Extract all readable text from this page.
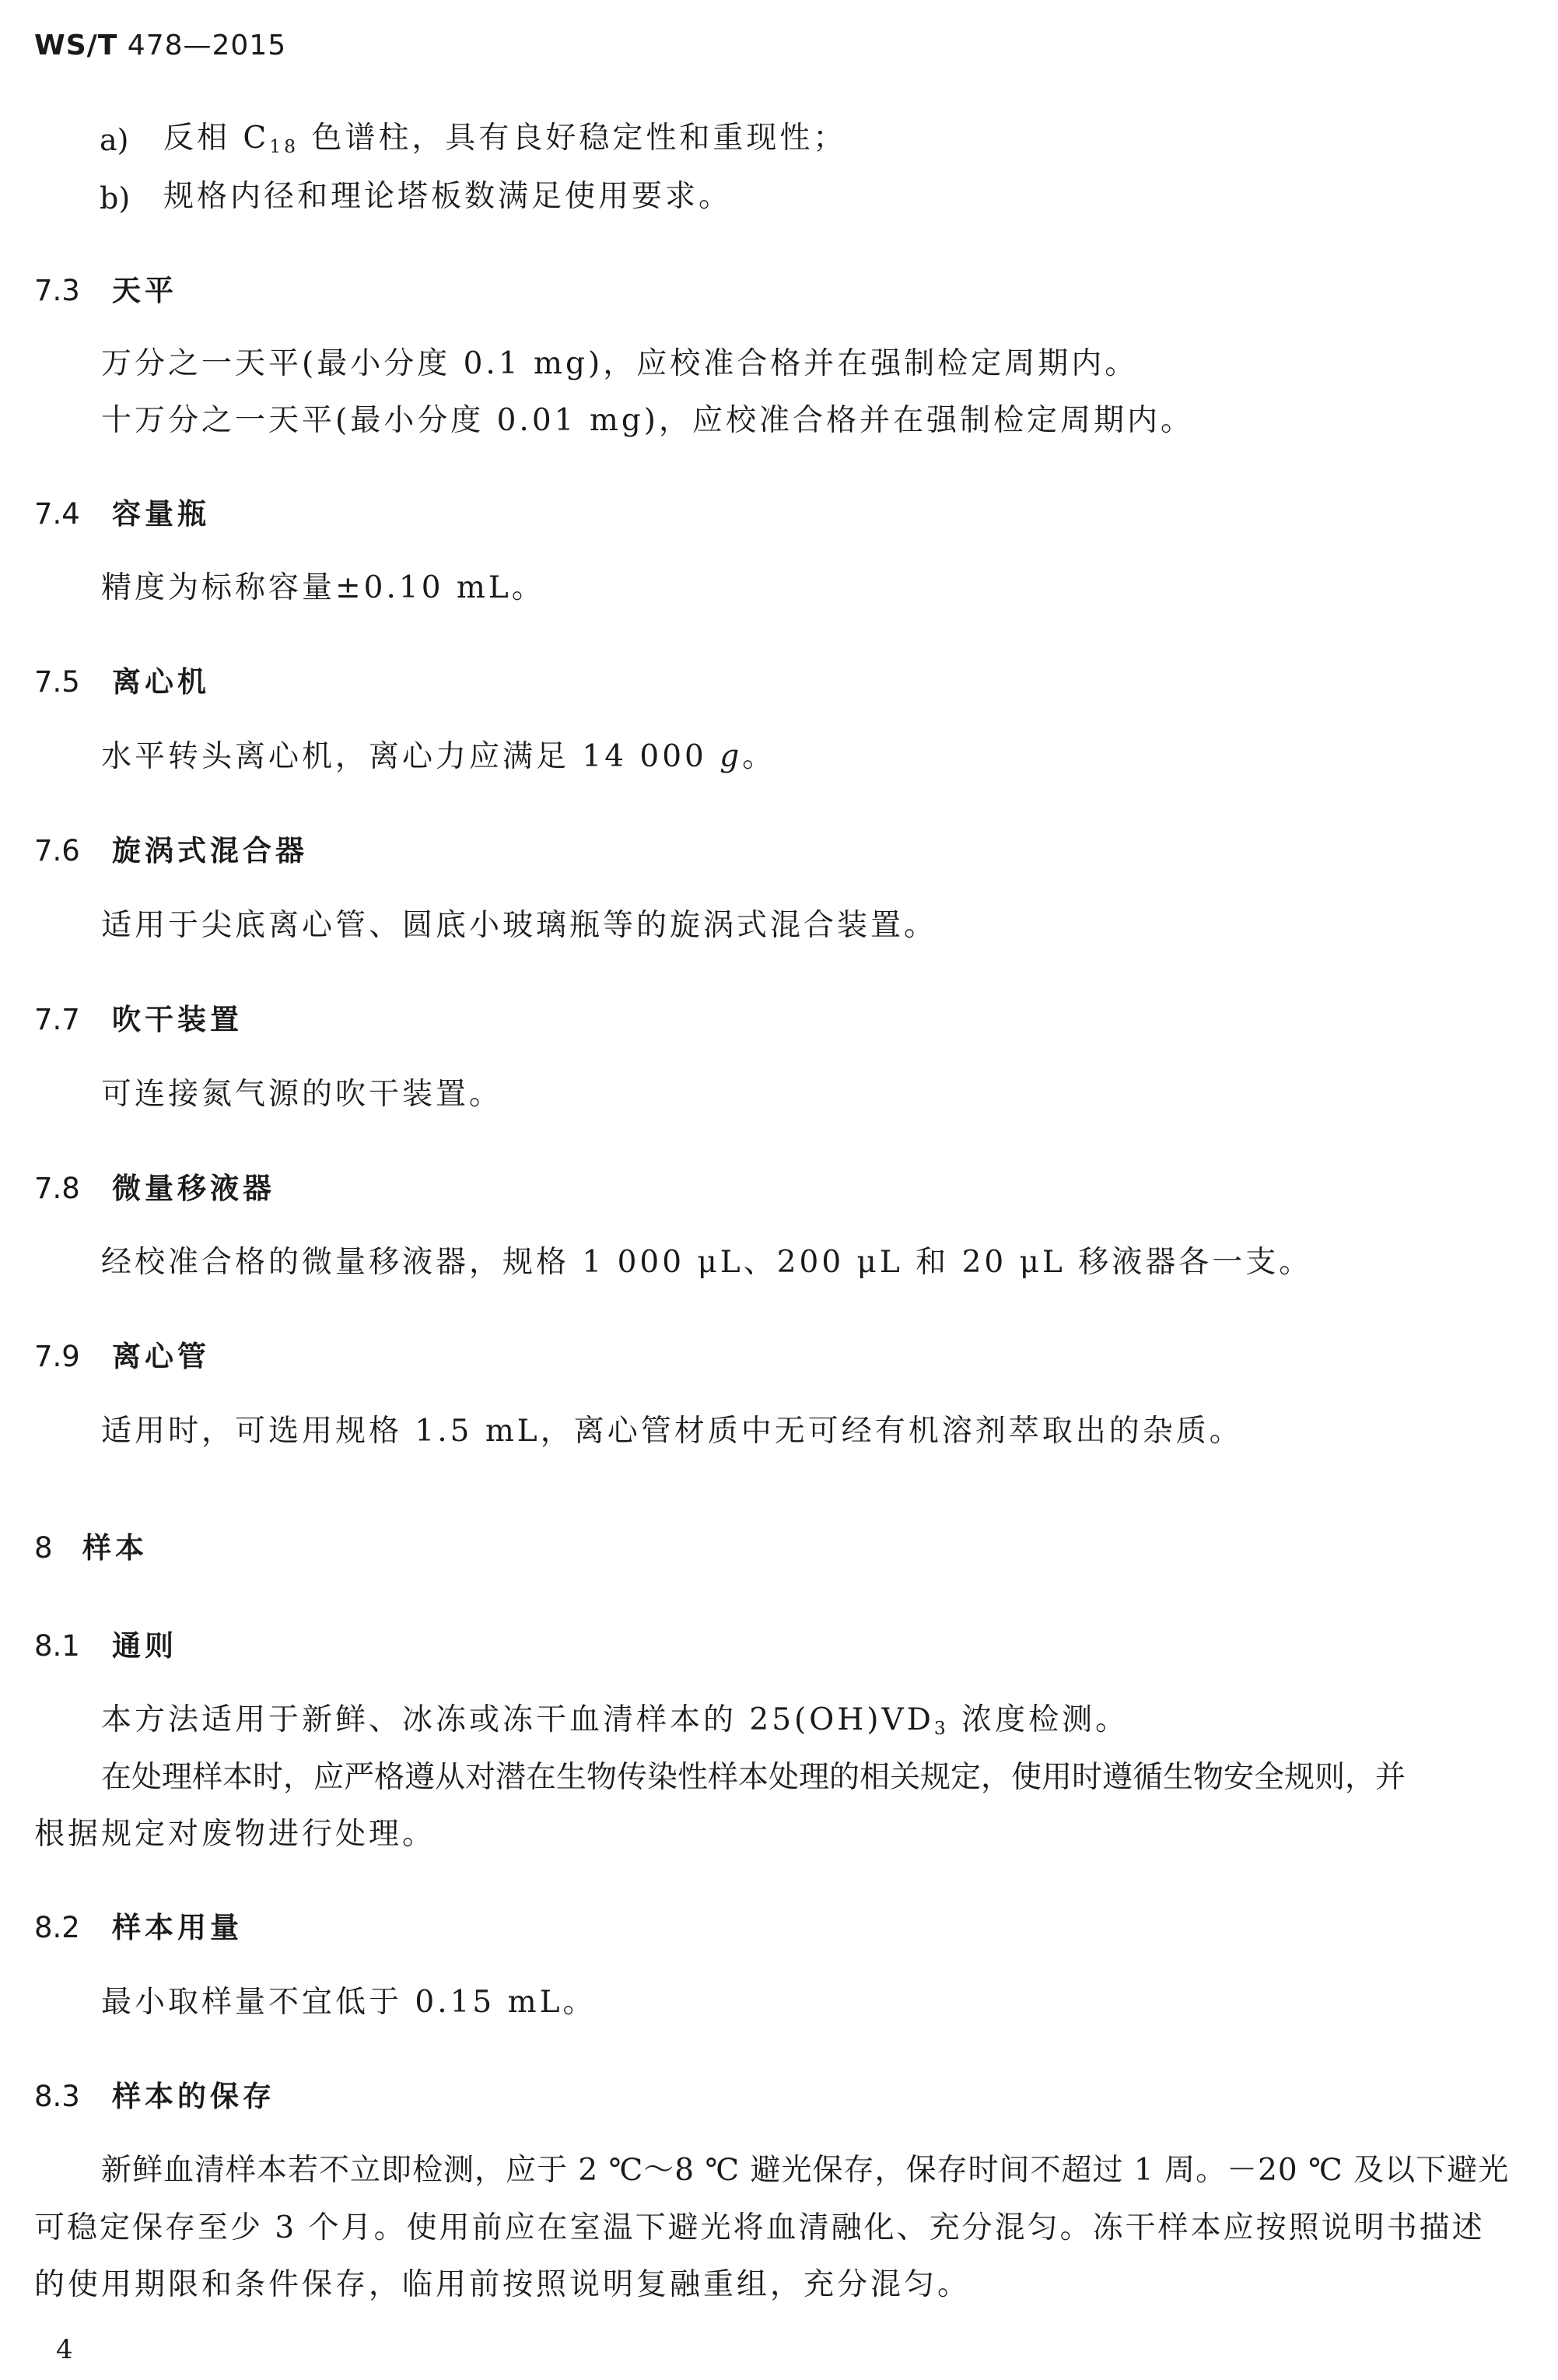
WS/T 478—2015
a) 反相 $C_{18}$ 色谱柱，具有良好稳定性和重现性；
b) 规格内径和理论塔板数满足使用要求。
7.3 天平
万分之一天平(最小分度 0.1 mg)，应校准合格并在强制检定周期内。
十万分之一天平(最小分度 0.01 mg)，应校准合格并在强制检定周期内。
7.4 容量瓶
精度为标称容量±0.10 mL。
7.5 离心机
水平转头离心机，离心力应满足 14 000 g。
7.6 旋涡式混合器
适用于尖底离心管、圆底小玻璃瓶等的旋涡式混合装置。
7.7 吹干装置
可连接氮气源的吹干装置。
7.8 微量移液器
经校准合格的微量移液器，规格 1 000 μL、200 μL 和 20 μL 移液器各一支。
7.9 离心管
适用时，可选用规格 1.5 mL，离心管材质中无可经有机溶剂萃取出的杂质。
8 样本
8.1 通则
本方法适用于新鲜、冰冻或冻干血清样本的 $25(OH)VD_3$ 浓度检测。
在处理样本时，应严格遵从对潜在生物传染性样本处理的相关规定，使用时遵循生物安全规则，并
根据规定对废物进行处理。
8.2 样本用量
最小取样量不宜低于 0.15 mL。
8.3 样本的保存
新鲜血清样本若不立即检测，应于 2 ℃～8 ℃ 避光保存，保存时间不超过 1 周。－20 ℃ 及以下避光
可稳定保存至少 3 个月。使用前应在室温下避光将血清融化、充分混匀。冻干样本应按照说明书描述
的使用期限和条件保存，临用前按照说明复融重组，充分混匀。
4
